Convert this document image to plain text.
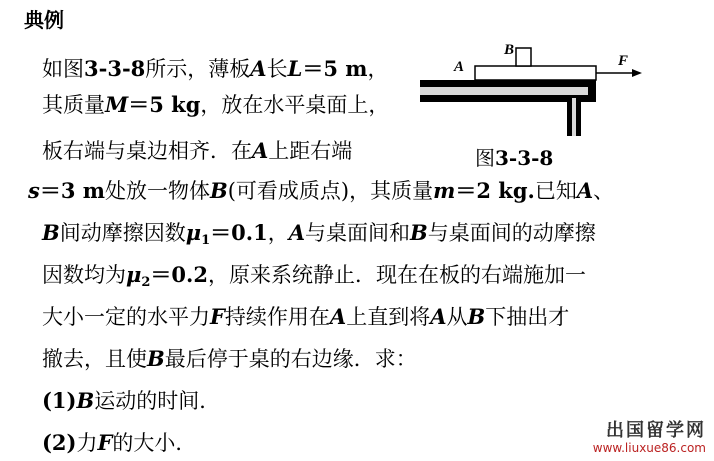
典例
如图3-3-8所示，薄板A长L＝5 m，
其质量M＝5 kg，放在水平桌面上，
板右端与桌边相齐．在A上距右端
s＝3 m处放一物体B(可看成质点)，其质量m＝2 kg.已知A、
B间动摩擦因数$\mu_1=0.1$，A与桌面间和B与桌面间的动摩擦
因数均为$\mu_2=0.2$，原来系统静止．现在在板的右端施加一
大小一定的水平力F持续作用在A上直到将A从B下抽出才
撤去，且使B最后停于桌的右边缘．求：
(1)B运动的时间．
(2)力F的大小．
A
B
F
图3-3-8
出国留学网
www.liuxue86.com
